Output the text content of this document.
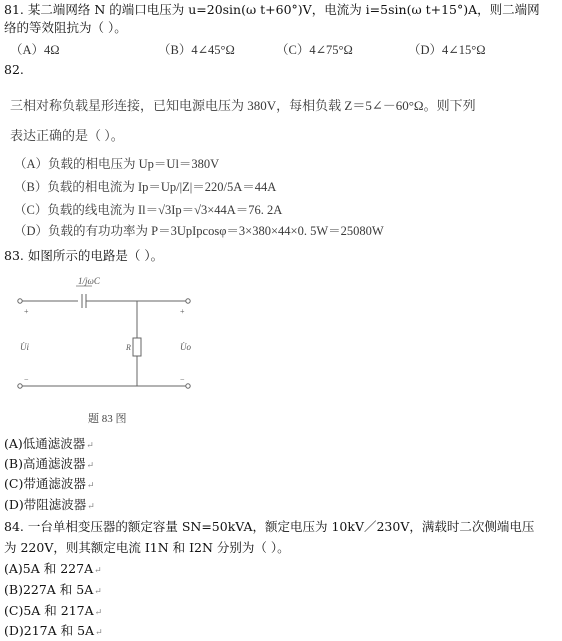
81. 某二端网络 N 的端口电压为 u=20sin(ω t+60°)V，电流为 i=5sin(ω t+15°)A，则二端网
络的等效阻抗为（ ）。
（A）4Ω	（B）4∠45°Ω	（C）4∠75°Ω	（D）4∠15°Ω
82.
三相对称负载星形连接，已知电源电压为 380V，每相负载 Z＝5∠－60°Ω。则下列
表达正确的是（ ）。
（A）负载的相电压为 Up＝Ul＝380V
（B）负载的相电流为 Ip＝Up/|Z|＝220/5A＝44A
（C）负载的线电流为 Il＝√3Ip＝√3×44A＝76. 2A
（D）负载的有功功率为 P＝3UpIpcosφ＝3×380×44×0. 5W＝25080W
83. 如图所示的电路是（ ）。
1/jωC
R
U̇i	U̇o
+
−
+
−
题 83 图
(A)低通滤波器↵
(B)高通滤波器↵
(C)带通滤波器↵
(D)带阻滤波器↵
84. 一台单相变压器的额定容量 SN=50kVA，额定电压为 10kV／230V，满载时二次侧端电压
为 220V，则其额定电流 I1N 和 I2N 分别为（ ）。
(A)5A 和 227A↵
(B)227A 和 5A↵
(C)5A 和 217A↵
(D)217A 和 5A↵
